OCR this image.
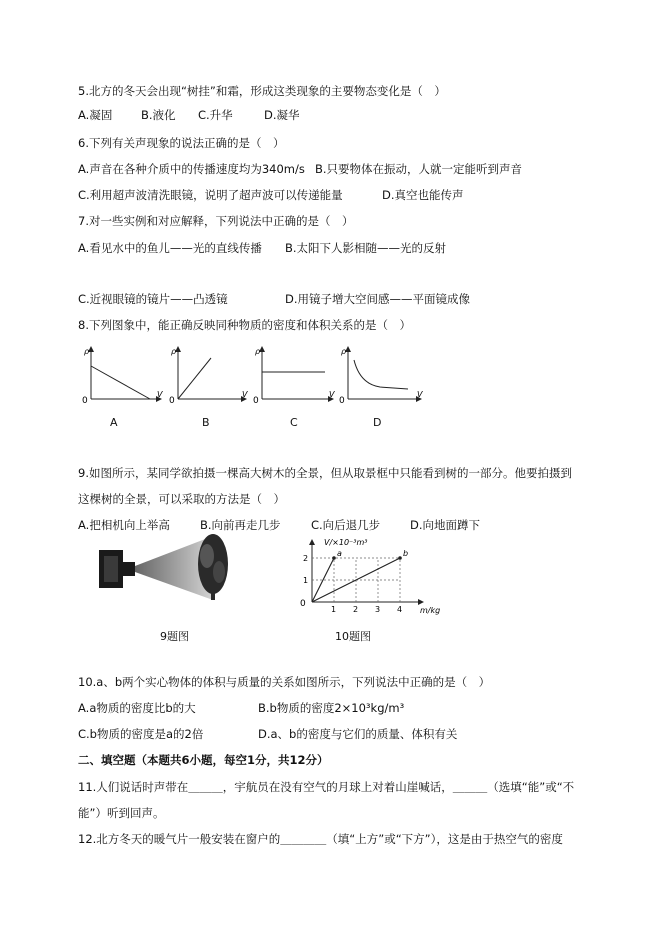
5.北方的冬天会出现“树挂”和霜，形成这类现象的主要物态变化是（　）
A.凝固 B.液化 C.升华	D.凝华
6.下列有关声现象的说法正确的是（　）
A.声音在各种介质中的传播速度均为340m/s B.只要物体在振动，人就一定能听到声音
C.利用超声波清洗眼镜，说明了超声波可以传递能量	D.真空也能传声
7.对一些实例和对应解释，下列说法中正确的是（　）
A.看见水中的鱼儿——光的直线传播 B.太阳下人影相随——光的反射
C.近视眼镜的镜片——凸透镜	D.用镜子增大空间感——平面镜成像
8.下列图象中，能正确反映同种物质的密度和体积关系的是（　）
ρ
V
0
ρ
V
0
ρ
V
0
ρ
V
0
A	B	C	D
9.如图所示，某同学欲拍摄一棵高大树木的全景，但从取景框中只能看到树的一部分。他要拍摄到
这棵树的全景，可以采取的方法是（　）
A.把相机向上举高	B.向前再走几步	C.向后退几步	D.向地面蹲下
9题图
V/×10⁻³m³
m/kg
0
1 2 3 4
1
2
a	b
10题图
10.a、b两个实心物体的体积与质量的关系如图所示，下列说法中正确的是（　）
A.a物质的密度比b的大	B.b物质的密度2×10³kg/m³
C.b物质的密度是a的2倍	D.a、b的密度与它们的质量、体积有关
二、填空题（本题共6小题，每空1分，共12分）
11.人们说话时声带在＿＿＿，宇航员在没有空气的月球上对着山崖喊话，＿＿＿（选填“能”或“不
能”）听到回声。
12.北方冬天的暖气片一般安装在窗户的＿＿＿＿（填“上方”或“下方”），这是由于热空气的密度
